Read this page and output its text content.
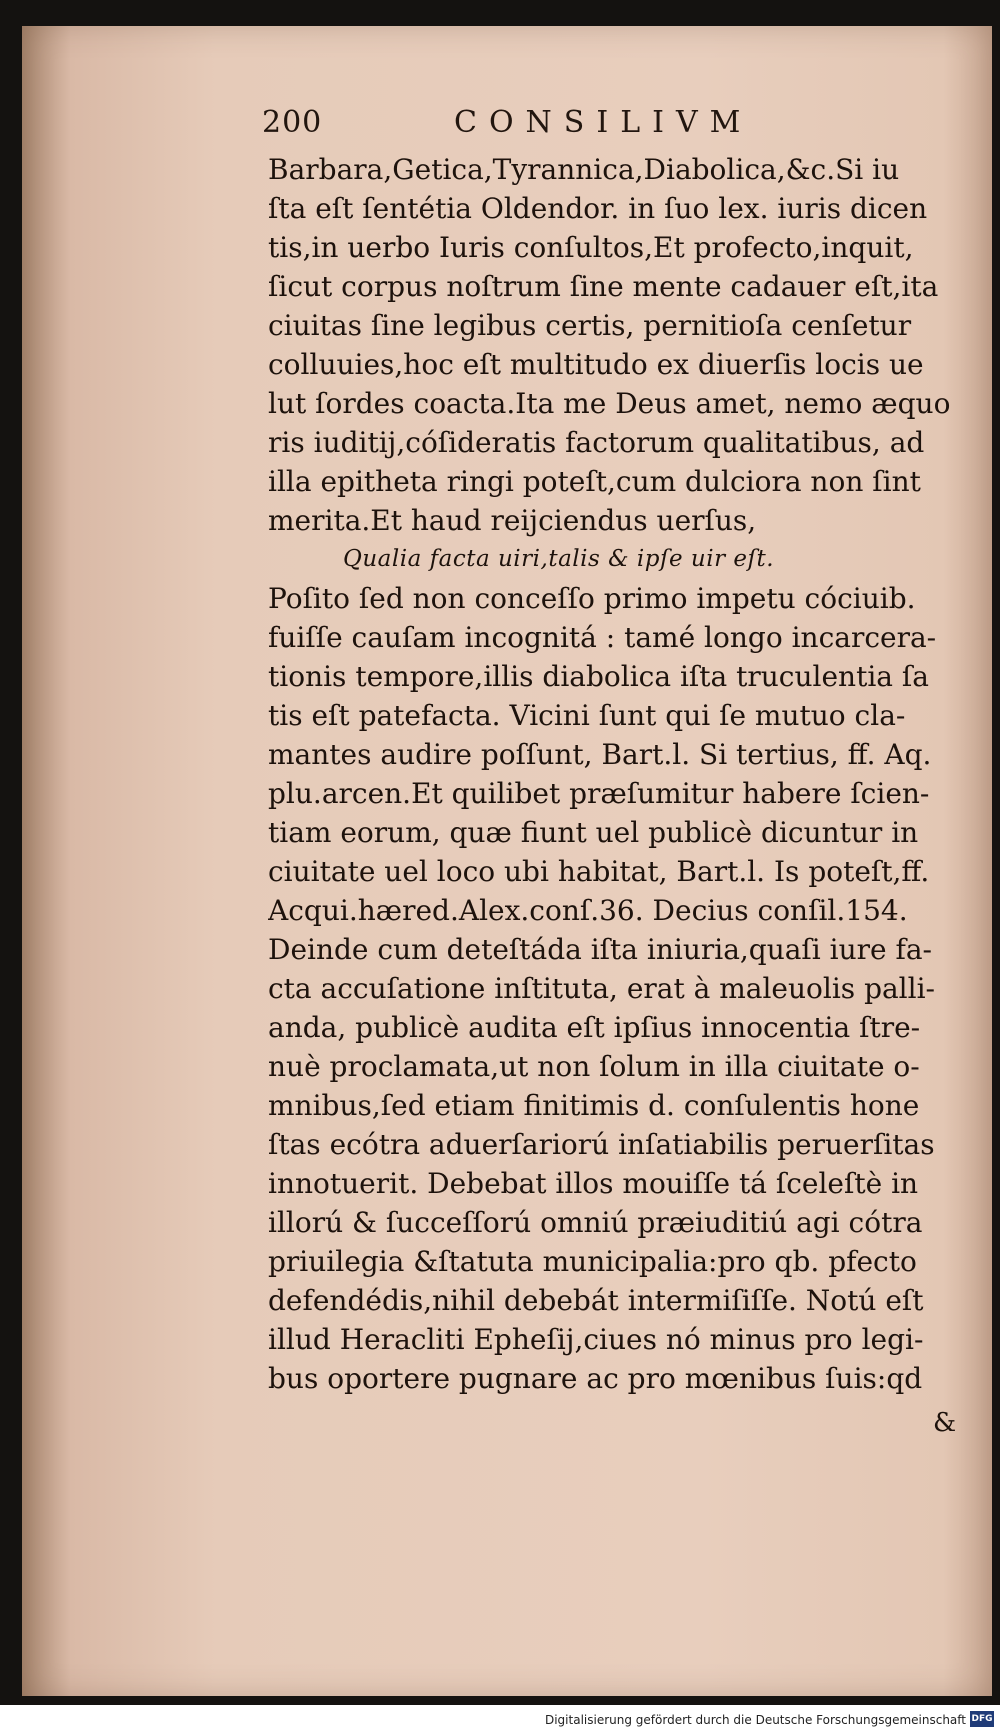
200	CONSILIVM
Barbara,Getica,Tyrannica,Diabolica,&c.Si iu
ſta eſt ſentétia Oldendor. in ſuo lex. iuris dicen
tis,in uerbo Iuris conſultos,Et profecto,inquit,
ſicut corpus noſtrum ſine mente cadauer eſt,ita
ciuitas ſine legibus certis, pernitioſa cenſetur
colluuies,hoc eſt multitudo ex diuerſis locis ue
lut ſordes coacta.Ita me Deus amet, nemo æquo
ris iuditij,cóſideratis factorum qualitatibus, ad
illa epitheta ringi poteſt,cum dulciora non ſint
merita.Et haud reijciendus uerſus,
Qualia facta uiri,talis & ipſe uir eſt.
Poſito ſed non conceſſo primo impetu cóciuib.
fuiſſe cauſam incognitá : tamé longo incarcera-
tionis tempore,illis diabolica iſta truculentia ſa
tis eſt patefacta. Vicini ſunt qui ſe mutuo cla-
mantes audire poſſunt, Bart.l. Si tertius, ff. Aq.
plu.arcen.Et quilibet præſumitur habere ſcien-
tiam eorum, quæ fiunt uel publicè dicuntur in
ciuitate uel loco ubi habitat, Bart.l. Is poteſt,ff.
Acqui.hæred.Alex.conſ.36. Decius conſil.154.
Deinde cum deteſtáda iſta iniuria,quaſi iure fa-
cta accuſatione inſtituta, erat à maleuolis palli-
anda, publicè audita eſt ipſius innocentia ſtre-
nuè proclamata,ut non ſolum in illa ciuitate o-
mnibus,ſed etiam finitimis d. conſulentis hone
ſtas ecótra aduerſariorú inſatiabilis peruerſitas
innotuerit. Debebat illos mouiſſe tá ſceleſtè in
illorú & ſucceſſorú omniú præiuditiú agi cótra
priuilegia &ſtatuta municipalia:pro qb. pfecto
defendédis,nihil debebát intermiſiſſe. Notú eſt
illud Heracliti Epheſij,ciues nó minus pro legi-
bus oportere pugnare ac pro mœnibus ſuis:qd
&
Digitalisierung gefördert durch die Deutsche Forschungsgemeinschaft DFG
